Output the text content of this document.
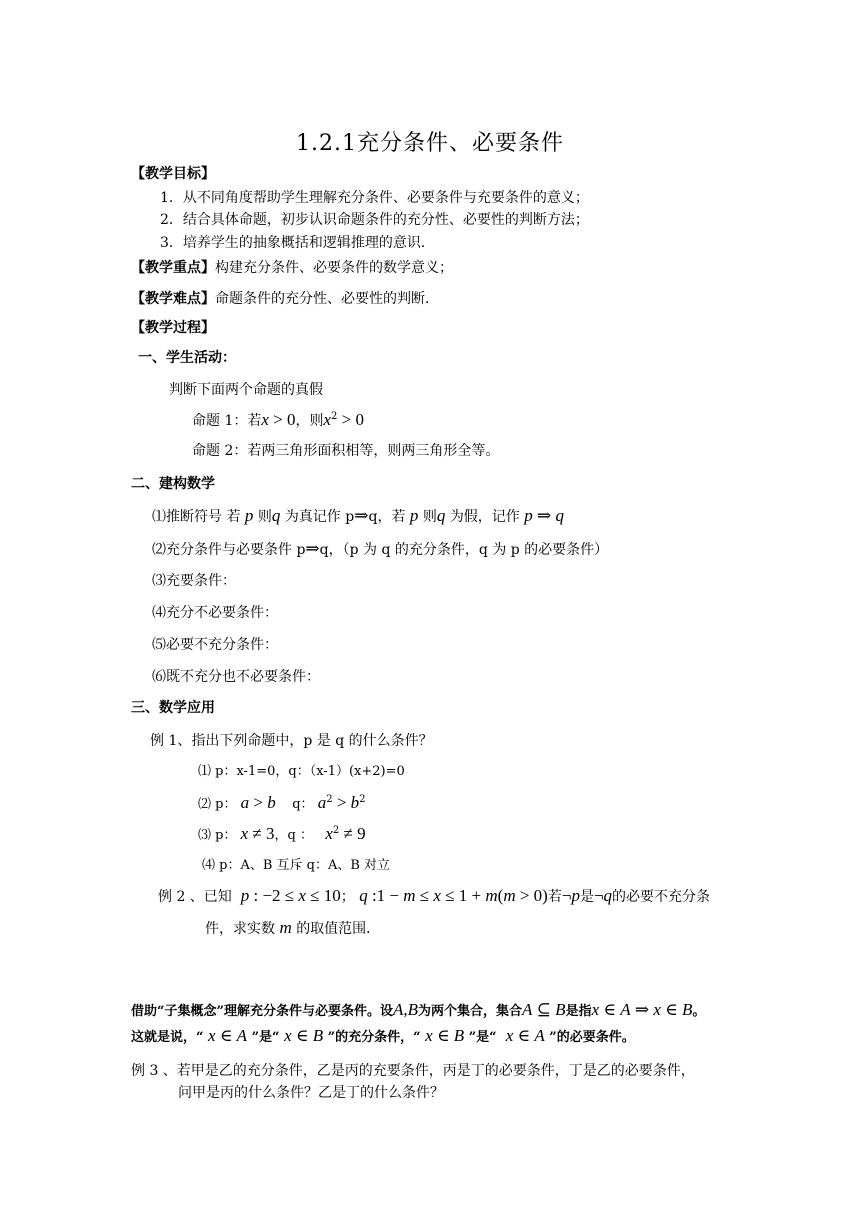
1.2.1充分条件、必要条件
【教学目标】
1．从不同角度帮助学生理解充分条件、必要条件与充要条件的意义；
2．结合具体命题，初步认识命题条件的充分性、必要性的判断方法；
3．培养学生的抽象概括和逻辑推理的意识．
【教学重点】构建充分条件、必要条件的数学意义；
【教学难点】命题条件的充分性、必要性的判断．
【教学过程】
一、学生活动：
判断下面两个命题的真假
命题 1：若x > 0，则$x^2 > 0$
命题 2：若两三角形面积相等，则两三角形全等。
二、建构数学
⑴推断符号 若 p 则q 为真记作 p⇒q，若 p 则q 为假，记作 p ⇒ q
⑵充分条件与必要条件 p⇒q，（p 为 q 的充分条件，q 为 p 的必要条件）
⑶充要条件：
⑷充分不必要条件：
⑸必要不充分条件：
⑹既不充分也不必要条件：
三、数学应用
例 1、指出下列命题中，p 是 q 的什么条件？
⑴ p：x-1=0，q：（x-1）(x+2)=0
⑵ p： a > b q： $a^2 > b^2$
⑶ p： x ≠ 3，q ： $x^2 \ne 9$
⑷ p：A、B 互斥 q：A、B 对立
例 2 、已知 p : −2 ≤ x ≤ 10； q :1 − m ≤ x ≤ 1 + m(m > 0)若¬p是¬q的必要不充分条
件，求实数 m 的取值范围．
借助“子集概念”理解充分条件与必要条件。设A,B为两个集合，集合A ⊆ B是指x ∈ A ⇒ x ∈ B。
这就是说，“ x ∈ A ”是“ x ∈ B ”的充分条件，“ x ∈ B ”是“ x ∈ A ”的必要条件。
例 3 、若甲是乙的充分条件，乙是丙的充要条件，丙是丁的必要条件，丁是乙的必要条件，
问甲是丙的什么条件？乙是丁的什么条件？
